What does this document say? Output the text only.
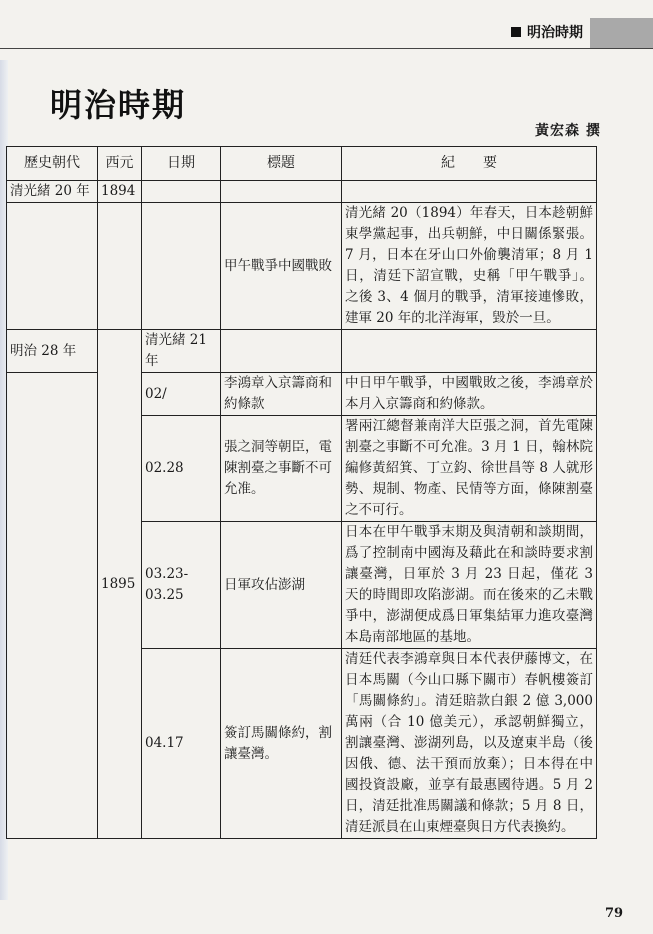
明治時期
明治時期
黃宏森 撰
歷史朝代	西元	日期	標題	紀　　要
清光緒 20 年	1894			
			甲午戰爭中國戰敗	清光緒 20（1894）年春天，日本趁朝鮮東學黨起事，出兵朝鮮，中日關係緊張。7 月，日本在牙山口外偷襲清軍；8 月 1 日，清廷下詔宣戰，史稱「甲午戰爭」。之後 3、4 個月的戰爭，清軍接連慘敗，建軍 20 年的北洋海軍，毀於一旦。
明治 28 年	1895	清光緒 21 年		
		02/	李鴻章入京籌商和約條款	中日甲午戰爭，中國戰敗之後，李鴻章於本月入京籌商和約條款。
		02.28	張之洞等朝臣，電陳割臺之事斷不可允准。	署兩江總督兼南洋大臣張之洞，首先電陳割臺之事斷不可允准。3 月 1 日，翰林院編修黃紹箕、丁立鈞、徐世昌等 8 人就形勢、規制、物產、民情等方面，條陳割臺之不可行。
		03.23-03.25	日軍攻佔澎湖	日本在甲午戰爭末期及與清朝和談期間，爲了控制南中國海及藉此在和談時要求割讓臺灣，日軍於 3 月 23 日起，僅花 3 天的時間即攻陷澎湖。而在後來的乙未戰爭中，澎湖便成爲日軍集結軍力進攻臺灣本島南部地區的基地。
		04.17	簽訂馬關條約，割讓臺灣。	清廷代表李鴻章與日本代表伊藤博文，在日本馬關（今山口縣下關市）春帆樓簽訂「馬關條約」。清廷賠款白銀 2 億 3,000 萬兩（合 10 億美元），承認朝鮮獨立，割讓臺灣、澎湖列島，以及遼東半島（後因俄、德、法干預而放棄）；日本得在中國投資設廠，並享有最惠國待遇。5 月 2 日，清廷批准馬關議和條款；5 月 8 日，清廷派員在山東煙臺與日方代表換約。
79
